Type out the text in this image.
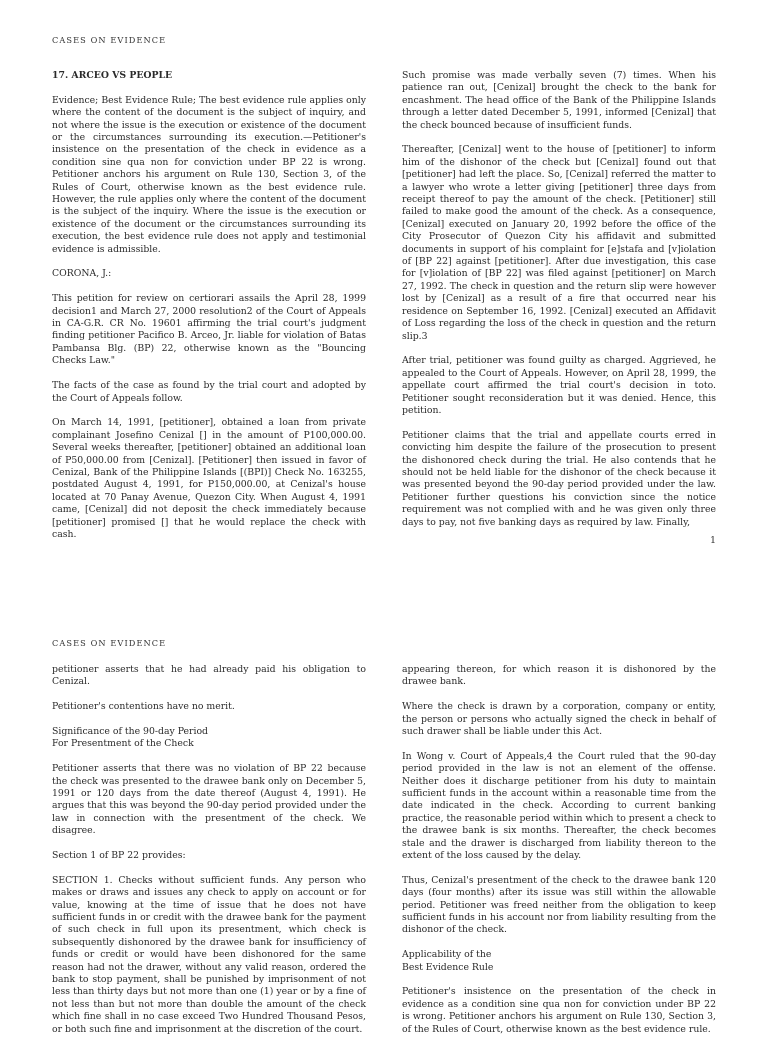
CASES ON EVIDENCE
17. ARCEO VS PEOPLE

Evidence; Best Evidence Rule; The best evidence rule applies only where the content of the document is the subject of inquiry, and not where the issue is the execution or existence of the document or the circumstances surrounding its execution.—Petitioner's insistence on the presentation of the check in evidence as a condition sine qua non for conviction under BP 22 is wrong. Petitioner anchors his argument on Rule 130, Section 3, of the Rules of Court, otherwise known as the best evidence rule. However, the rule applies only where the content of the document is the subject of the inquiry. Where the issue is the execution or existence of the document or the circumstances surrounding its execution, the best evidence rule does not apply and testimonial evidence is admissible.

CORONA, J.:

This petition for review on certiorari assails the April 28, 1999 decision1 and March 27, 2000 resolution2 of the Court of Appeals in CA-G.R. CR No. 19601 affirming the trial court's judgment finding petitioner Pacifico B. Arceo, Jr. liable for violation of Batas Pambansa Blg. (BP) 22, otherwise known as the "Bouncing Checks Law."

The facts of the case as found by the trial court and adopted by the Court of Appeals follow.

On March 14, 1991, [petitioner], obtained a loan from private complainant Josefino Cenizal [] in the amount of P100,000.00. Several weeks thereafter, [petitioner] obtained an additional loan of P50,000.00 from [Cenizal]. [Petitioner] then issued in favor of Cenizal, Bank of the Philippine Islands [(BPI)] Check No. 163255, postdated August 4, 1991, for P150,000.00, at Cenizal's house located at 70 Panay Avenue, Quezon City. When August 4, 1991 came, [Cenizal] did not deposit the check immediately because [petitioner] promised [] that he would replace the check with cash.

Such promise was made verbally seven (7) times. When his patience ran out, [Cenizal] brought the check to the bank for encashment. The head office of the Bank of the Philippine Islands through a letter dated December 5, 1991, informed [Cenizal] that the check bounced because of insufficient funds.

Thereafter, [Cenizal] went to the house of [petitioner] to inform him of the dishonor of the check but [Cenizal] found out that [petitioner] had left the place. So, [Cenizal] referred the matter to a lawyer who wrote a letter giving [petitioner] three days from receipt thereof to pay the amount of the check. [Petitioner] still failed to make good the amount of the check. As a consequence, [Cenizal] executed on January 20, 1992 before the office of the City Prosecutor of Quezon City his affidavit and submitted documents in support of his complaint for [e]stafa and [v]iolation of [BP 22] against [petitioner]. After due investigation, this case for [v]iolation of [BP 22] was filed against [petitioner] on March 27, 1992. The check in question and the return slip were however lost by [Cenizal] as a result of a fire that occurred near his residence on September 16, 1992. [Cenizal] executed an Affidavit of Loss regarding the loss of the check in question and the return slip.3

After trial, petitioner was found guilty as charged. Aggrieved, he appealed to the Court of Appeals. However, on April 28, 1999, the appellate court affirmed the trial court's decision in toto. Petitioner sought reconsideration but it was denied. Hence, this petition.

Petitioner claims that the trial and appellate courts erred in convicting him despite the failure of the prosecution to present the dishonored check during the trial. He also contends that he should not be held liable for the dishonor of the check because it was presented beyond the 90-day period provided under the law. Petitioner further questions his conviction since the notice requirement was not complied with and he was given only three days to pay, not five banking days as required by law. Finally,

1
CASES ON EVIDENCE

petitioner asserts that he had already paid his obligation to Cenizal.

Petitioner's contentions have no merit.

Significance of the 90-day Period
For Presentment of the Check

Petitioner asserts that there was no violation of BP 22 because the check was presented to the drawee bank only on December 5, 1991 or 120 days from the date thereof (August 4, 1991). He argues that this was beyond the 90-day period provided under the law in connection with the presentment of the check. We disagree.

Section 1 of BP 22 provides:

SECTION 1. Checks without sufficient funds. Any person who makes or draws and issues any check to apply on account or for value, knowing at the time of issue that he does not have sufficient funds in or credit with the drawee bank for the payment of such check in full upon its presentment, which check is subsequently dishonored by the drawee bank for insufficiency of funds or credit or would have been dishonored for the same reason had not the drawer, without any valid reason, ordered the bank to stop payment, shall be punished by imprisonment of not less than thirty days but not more than one (1) year or by a fine of not less than but not more than double the amount of the check which fine shall in no case exceed Two Hundred Thousand Pesos, or both such fine and imprisonment at the discretion of the court.

appearing thereon, for which reason it is dishonored by the drawee bank.

Where the check is drawn by a corporation, company or entity, the person or persons who actually signed the check in behalf of such drawer shall be liable under this Act.

In Wong v. Court of Appeals,4 the Court ruled that the 90-day period provided in the law is not an element of the offense. Neither does it discharge petitioner from his duty to maintain sufficient funds in the account within a reasonable time from the date indicated in the check. According to current banking practice, the reasonable period within which to present a check to the drawee bank is six months. Thereafter, the check becomes stale and the drawer is discharged from liability thereon to the extent of the loss caused by the delay.

Thus, Cenizal's presentment of the check to the drawee bank 120 days (four months) after its issue was still within the allowable period. Petitioner was freed neither from the obligation to keep sufficient funds in his account nor from liability resulting from the dishonor of the check.

Applicability of the
Best Evidence Rule

Petitioner's insistence on the presentation of the check in evidence as a condition sine qua non for conviction under BP 22 is wrong. Petitioner anchors his argument on Rule 130, Section 3, of the Rules of Court, otherwise known as the best evidence rule.
